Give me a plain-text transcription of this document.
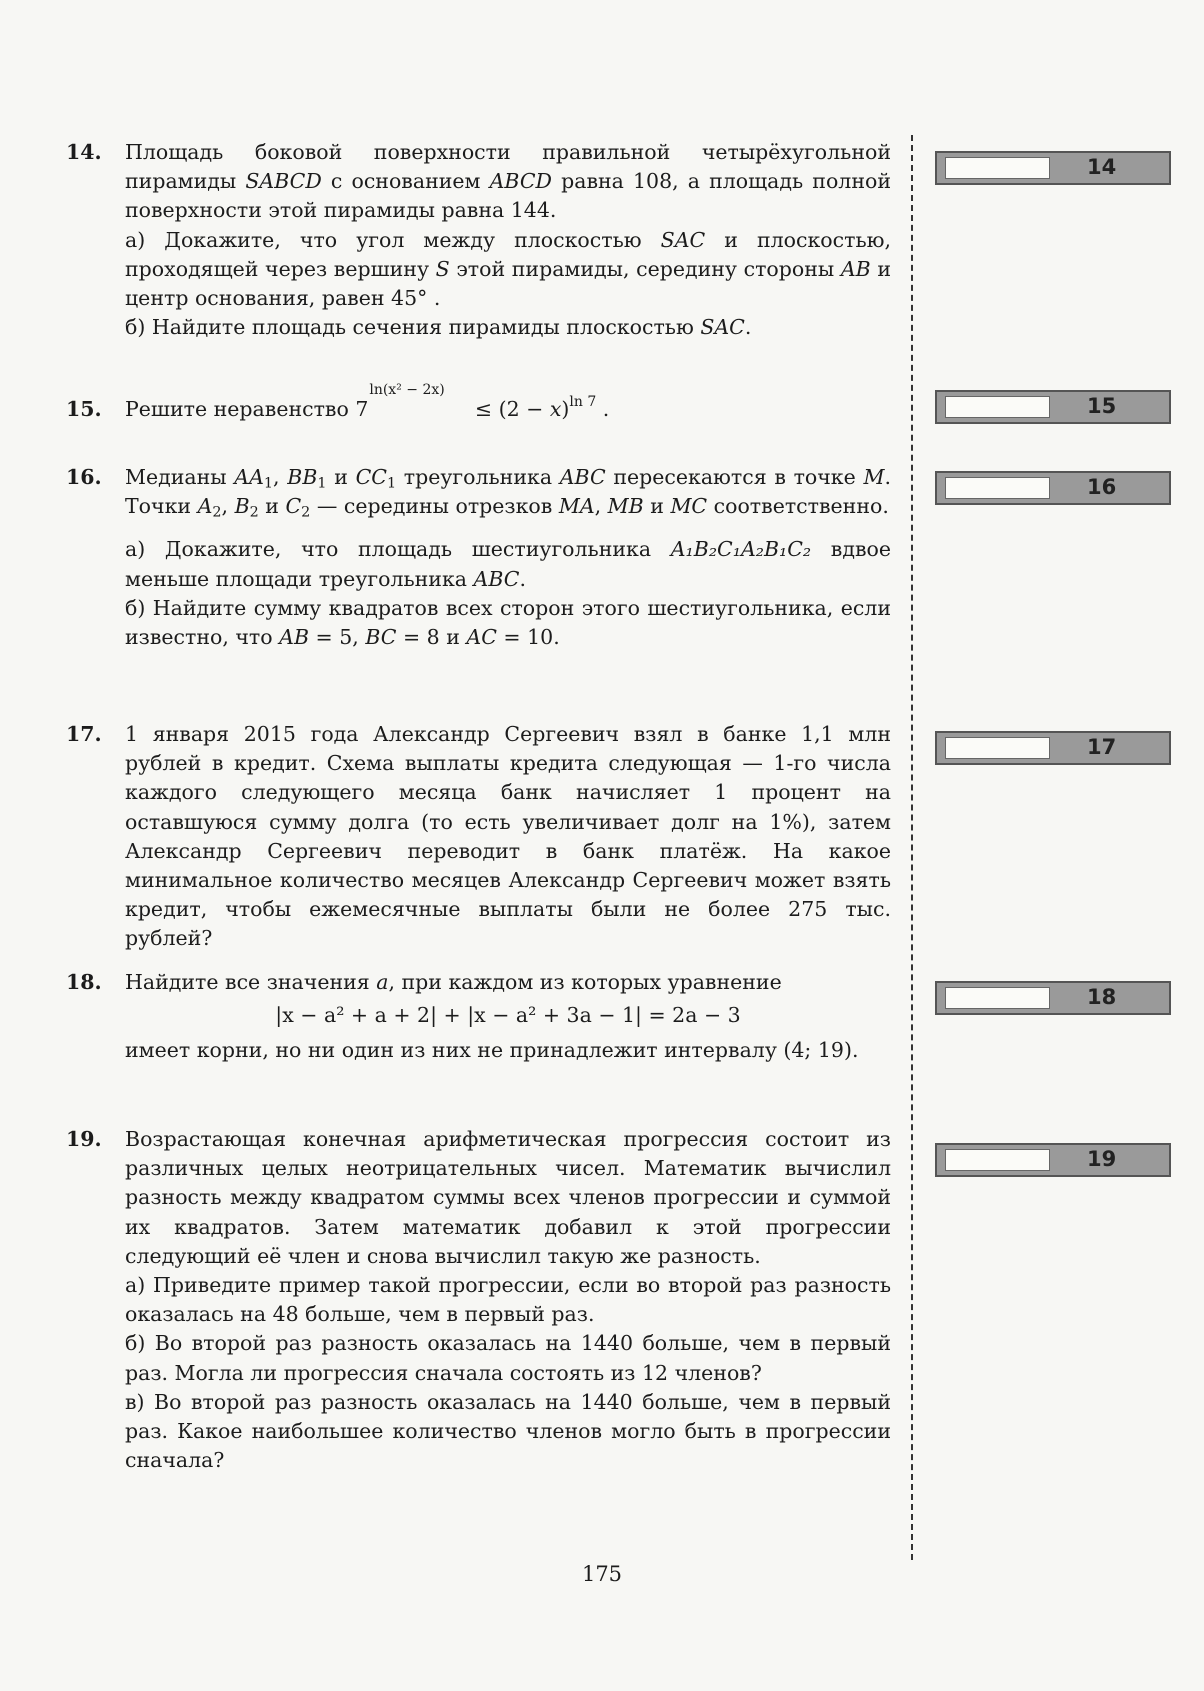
14.	Площадь боковой поверхности правильной четырёхугольной пирамиды SABCD с основанием ABCD равна 108, а площадь полной поверхности этой пирамиды равна 144.

а) Докажите, что угол между плоскостью SAC и плоскостью, проходящей через вершину S этой пирамиды, середину стороны AB и центр основания, равен 45° .

б) Найдите площадь сечения пирамиды плоскостью SAC.

15.	Решите неравенство 7
ln(x² − 2x)
≤ $(2 - x)^{ln 7}$ .
16.	Медианы $AA_1$, $BB_1$ и $CC_1$ треугольника ABC пересекаются в точке M. Точки $A_2$, $B_2$ и $C_2$ — середины отрезков MA, MB и MC соответственно.

а) Докажите, что площадь шестиугольника A₁B₂C₁A₂B₁C₂ вдвое меньше площади треугольника ABC.

б) Найдите сумму квадратов всех сторон этого шестиугольника, если известно, что AB = 5, BC = 8 и AC = 10.

17.	1 января 2015 года Александр Сергеевич взял в банке 1,1 млн рублей в кредит. Схема выплаты кредита следующая — 1-го числа каждого следующего месяца банк начисляет 1 процент на оставшуюся сумму долга (то есть увеличивает долг на 1%), затем Александр Сергеевич переводит в банк платёж. На какое минимальное количество месяцев Александр Сергеевич может взять кредит, чтобы ежемесячные выплаты были не более 275 тыс. рублей?

18.	Найдите все значения a, при каждом из которых уравнение

|x − a² + a + 2| + |x − a² + 3a − 1| = 2a − 3

имеет корни, но ни один из них не принадлежит интервалу (4; 19).

19.	Возрастающая конечная арифметическая прогрессия состоит из различных целых неотрицательных чисел. Математик вычислил разность между квадратом суммы всех членов прогрессии и суммой их квадратов. Затем математик добавил к этой прогрессии следующий её член и снова вычислил такую же разность.

а) Приведите пример такой прогрессии, если во второй раз разность оказалась на 48 больше, чем в первый раз.

б) Во второй раз разность оказалась на 1440 больше, чем в первый раз. Могла ли прогрессия сначала состоять из 12 членов?

в) Во второй раз разность оказалась на 1440 больше, чем в первый раз. Какое наибольшее количество членов могло быть в прогрессии сначала?

14
15
16
17
18
19
175
